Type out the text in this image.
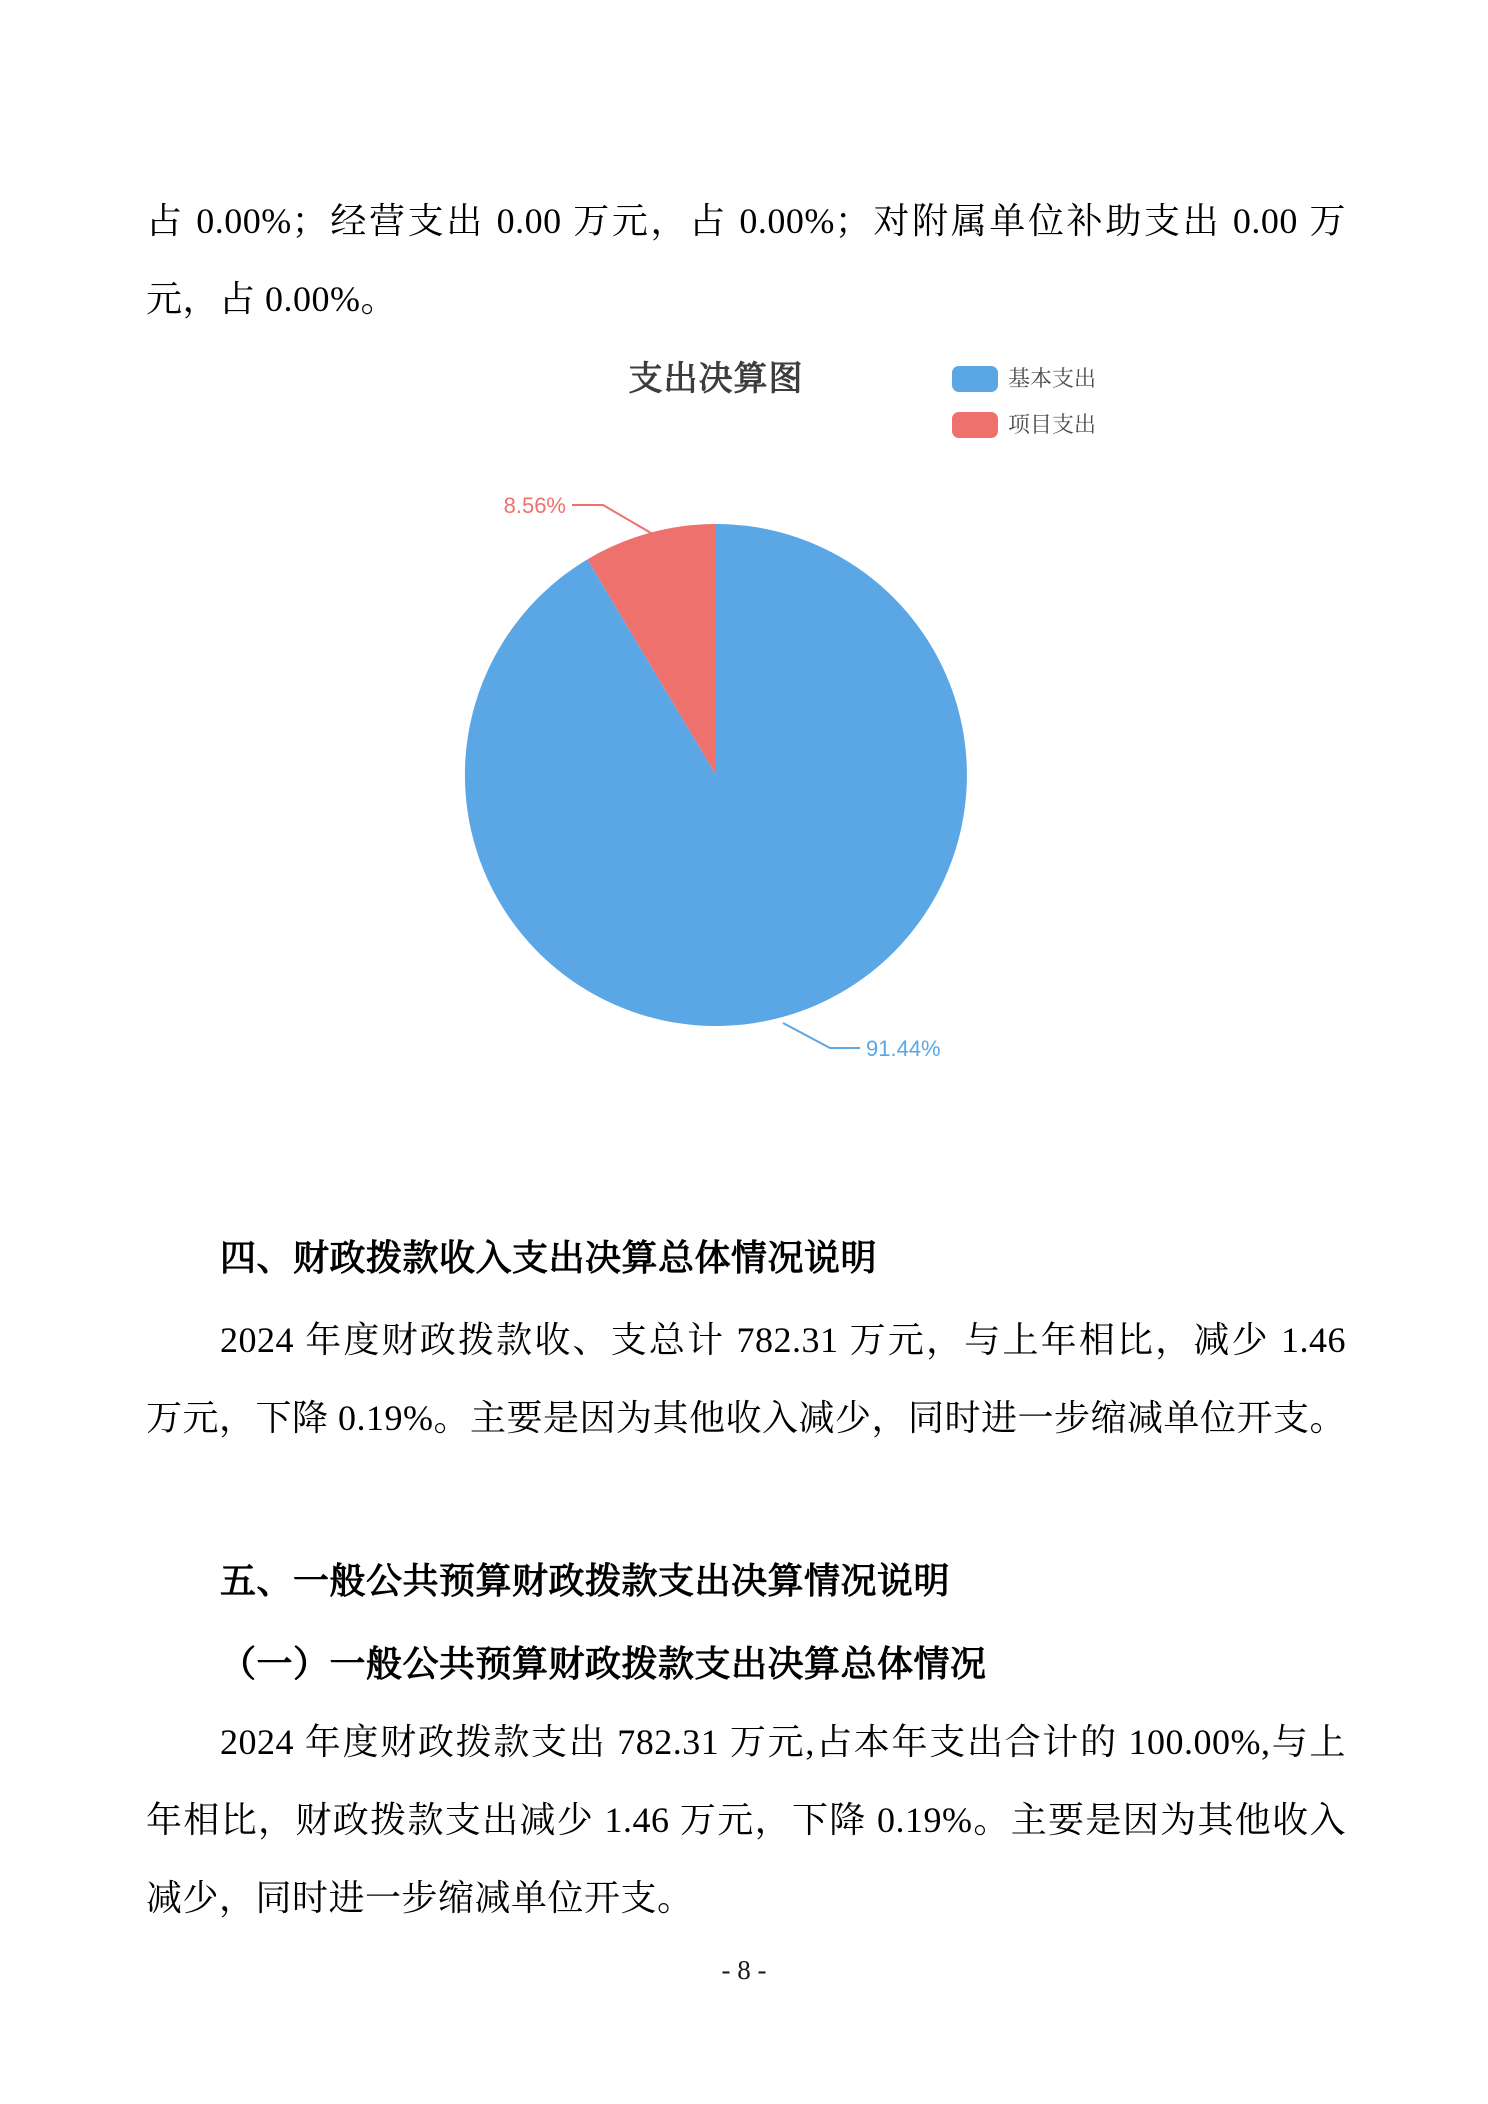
占 0.00%；经营支出 0.00 万元，占 0.00%；对附属单位补助支出 0.00 万元，占 0.00%。
支出决算图	基本支出
项目支出
91.44%
8.56%
四、财政拨款收入支出决算总体情况说明
2024 年度财政拨款收、支总计 782.31 万元，与上年相比，减少 1.46 万元，下降 0.19%。主要是因为其他收入减少，同时进一步缩减单位开支。
五、一般公共预算财政拨款支出决算情况说明
（一）一般公共预算财政拨款支出决算总体情况
2024 年度财政拨款支出 782.31 万元,占本年支出合计的 100.00%,与上年相比，财政拨款支出减少 1.46 万元，下降 0.19%。主要是因为其他收入减少，同时进一步缩减单位开支。
- 8 -
